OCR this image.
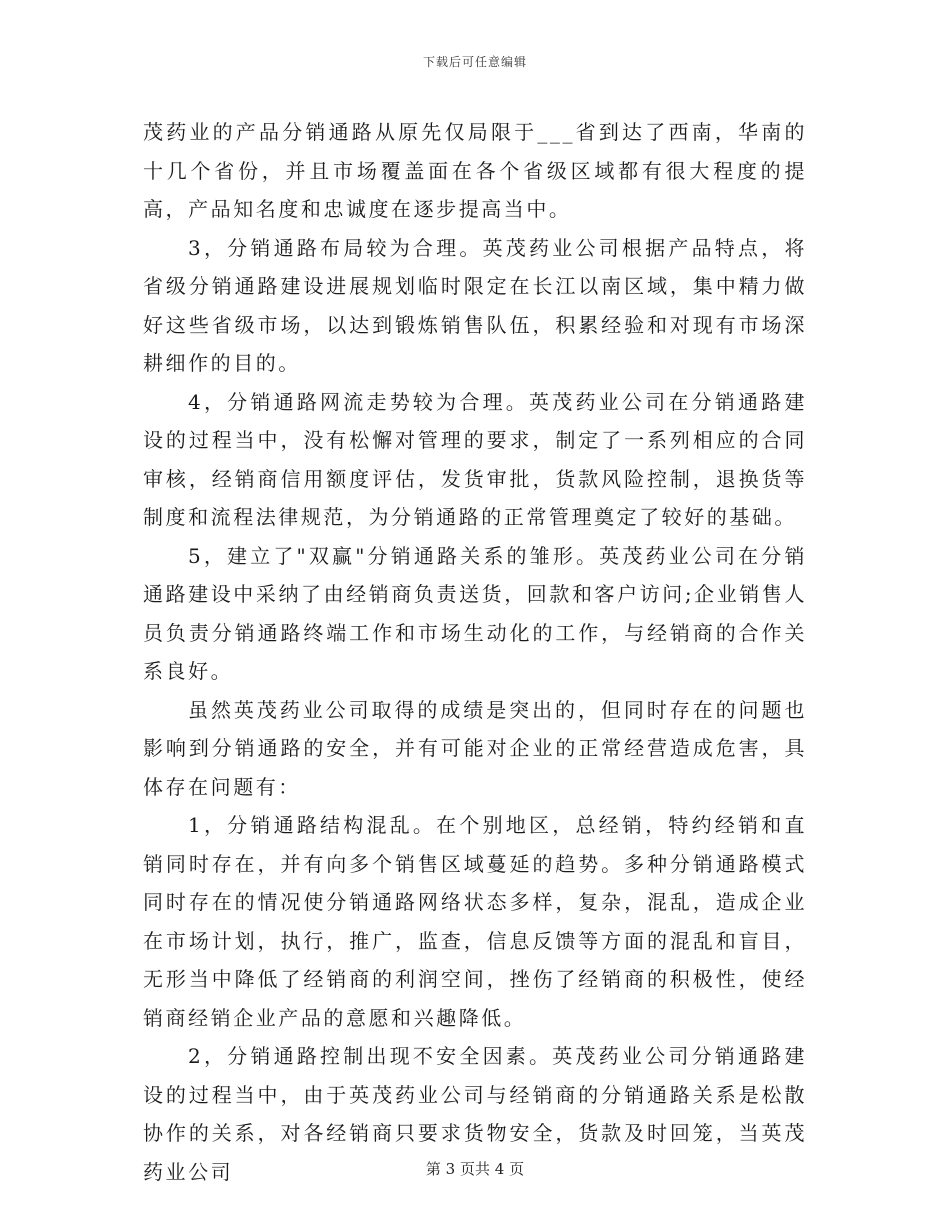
下载后可任意编辑

茂药业的产品分销通路从原先仅局限于___省到达了西南，华南的十几个省份，并且市场覆盖面在各个省级区域都有很大程度的提高，产品知名度和忠诚度在逐步提高当中。

3，分销通路布局较为合理。英茂药业公司根据产品特点，将省级分销通路建设进展规划临时限定在长江以南区域，集中精力做好这些省级市场，以达到锻炼销售队伍，积累经验和对现有市场深耕细作的目的。

4，分销通路网流走势较为合理。英茂药业公司在分销通路建设的过程当中，没有松懈对管理的要求，制定了一系列相应的合同审核，经销商信用额度评估，发货审批，货款风险控制，退换货等制度和流程法律规范，为分销通路的正常管理奠定了较好的基础。

5，建立了"双赢"分销通路关系的雏形。英茂药业公司在分销通路建设中采纳了由经销商负责送货，回款和客户访问;企业销售人员负责分销通路终端工作和市场生动化的工作，与经销商的合作关系良好。

虽然英茂药业公司取得的成绩是突出的，但同时存在的问题也影响到分销通路的安全，并有可能对企业的正常经营造成危害，具体存在问题有：

1，分销通路结构混乱。在个别地区，总经销，特约经销和直销同时存在，并有向多个销售区域蔓延的趋势。多种分销通路模式同时存在的情况使分销通路网络状态多样，复杂，混乱，造成企业在市场计划，执行，推广，监查，信息反馈等方面的混乱和盲目，无形当中降低了经销商的利润空间，挫伤了经销商的积极性，使经销商经销企业产品的意愿和兴趣降低。

2，分销通路控制出现不安全因素。英茂药业公司分销通路建设的过程当中，由于英茂药业公司与经销商的分销通路关系是松散协作的关系，对各经销商只要求货物安全，货款及时回笼，当英茂药业公司	第 3 页共 4 页
